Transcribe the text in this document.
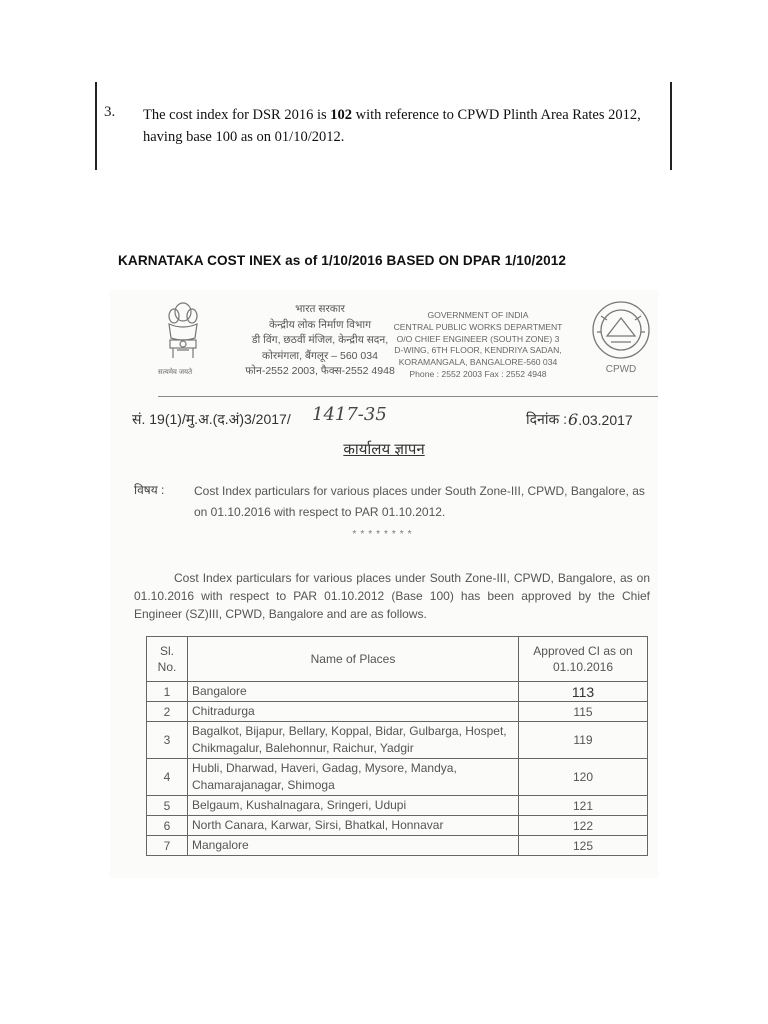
3. The cost index for DSR 2016 is 102 with reference to CPWD Plinth Area Rates 2012, having base 100 as on 01/10/2012.
KARNATAKA COST INEX as of 1/10/2016 BASED ON DPAR 1/10/2012
सत्यमेव जयते
भारत सरकार
केन्द्रीय लोक निर्माण विभाग
डी विंग, छठवीं मंजिल, केन्द्रीय सदन,
कोरमंगला, बैंगलूर – 560 034
फोन-2552 2003, फैक्स-2552 4948
GOVERNMENT OF INDIA
CENTRAL PUBLIC WORKS DEPARTMENT
O/O CHIEF ENGINEER (SOUTH ZONE) 3
D-WING, 6TH FLOOR, KENDRIYA SADAN,
KORAMANGALA, BANGALORE-560 034
Phone : 2552 2003 Fax : 2552 4948	CPWD
सं. 19(1)/मु.अ.(द.अं)3/2017/ 1417-35	दिनांक : 6.03.2017
कार्यालय ज्ञापन
विषय : Cost Index particulars for various places under South Zone-III, CPWD, Bangalore, as on 01.10.2016 with respect to PAR 01.10.2012.
********
Cost Index particulars for various places under South Zone-III, CPWD, Bangalore, as on 01.10.2016 with respect to PAR 01.10.2012 (Base 100) has been approved by the Chief Engineer (SZ)III, CPWD, Bangalore and are as follows.
Sl. No.	Name of Places	Approved CI as on 01.10.2016
1	Bangalore	113
2	Chitradurga	115
3	Bagalkot, Bijapur, Bellary, Koppal, Bidar, Gulbarga, Hospet, Chikmagalur, Balehonnur, Raichur, Yadgir	119
4	Hubli, Dharwad, Haveri, Gadag, Mysore, Mandya, Chamarajanagar, Shimoga	120
5	Belgaum, Kushalnagara, Sringeri, Udupi	121
6	North Canara, Karwar, Sirsi, Bhatkal, Honnavar	122
7	Mangalore	125
